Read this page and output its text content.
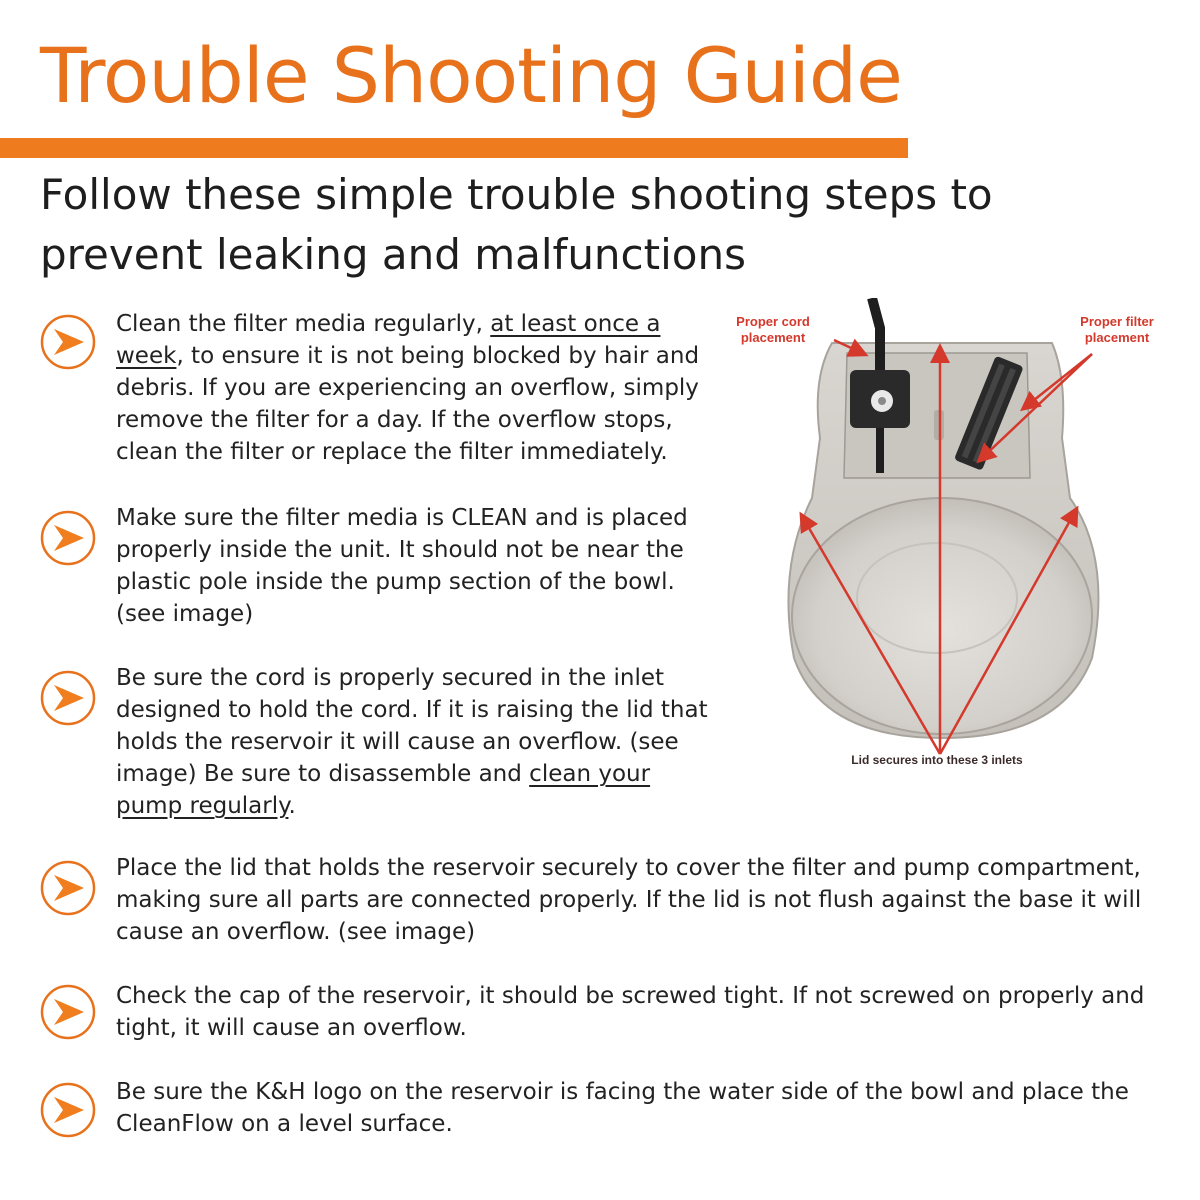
Trouble Shooting Guide
Follow these simple trouble shooting steps to prevent leaking and malfunctions
Clean the filter media regularly, at least once a week, to ensure it is not being blocked by hair and debris. If you are experiencing an overflow, simply remove the filter for a day. If the overflow stops, clean the filter or replace the filter immediately.
Make sure the filter media is CLEAN and is placed properly inside the unit. It should not be near the plastic pole inside the pump section of the bowl. (see image)
Be sure the cord is properly secured in the inlet designed to hold the cord. If it is raising the lid that holds the reservoir it will cause an overflow. (see image) Be sure to disassemble and clean your pump regularly.
Place the lid that holds the reservoir securely to cover the filter and pump compartment, making sure all parts are connected properly. If the lid is not flush against the base it will cause an overflow. (see image)
Check the cap of the reservoir, it should be screwed tight. If not screwed on properly and tight, it will cause an overflow.
Be sure the K&H logo on the reservoir is facing the water side of the bowl and place the CleanFlow on a level surface.
Proper cord placement
Proper filter placement
Lid secures into these 3 inlets
